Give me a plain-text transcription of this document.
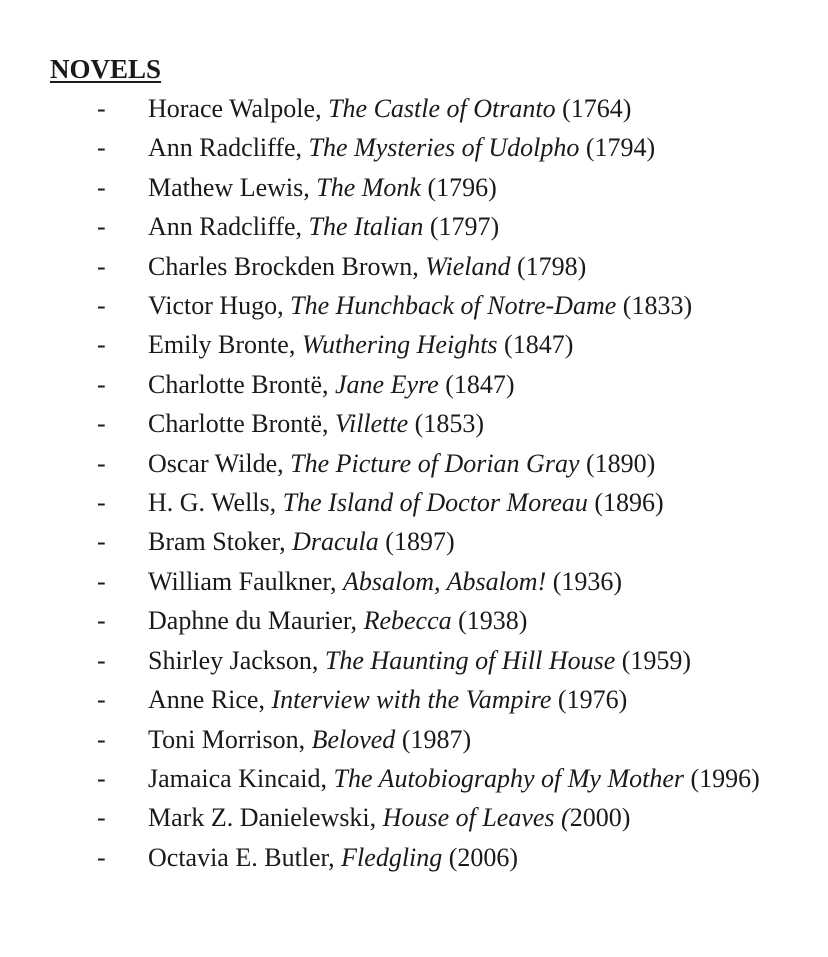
NOVELS
- Horace Walpole, The Castle of Otranto (1764)
- Ann Radcliffe, The Mysteries of Udolpho (1794)
- Mathew Lewis, The Monk (1796)
- Ann Radcliffe, The Italian (1797)
- Charles Brockden Brown, Wieland (1798)
- Victor Hugo, The Hunchback of Notre-Dame (1833)
- Emily Bronte, Wuthering Heights (1847)
- Charlotte Brontë, Jane Eyre (1847)
- Charlotte Brontë, Villette (1853)
- Oscar Wilde, The Picture of Dorian Gray (1890)
- H. G. Wells, The Island of Doctor Moreau (1896)
- Bram Stoker, Dracula (1897)
- William Faulkner, Absalom, Absalom! (1936)
- Daphne du Maurier, Rebecca (1938)
- Shirley Jackson, The Haunting of Hill House (1959)
- Anne Rice, Interview with the Vampire (1976)
- Toni Morrison, Beloved (1987)
- Jamaica Kincaid, The Autobiography of My Mother (1996)
- Mark Z. Danielewski, House of Leaves (2000)
- Octavia E. Butler, Fledgling (2006)
